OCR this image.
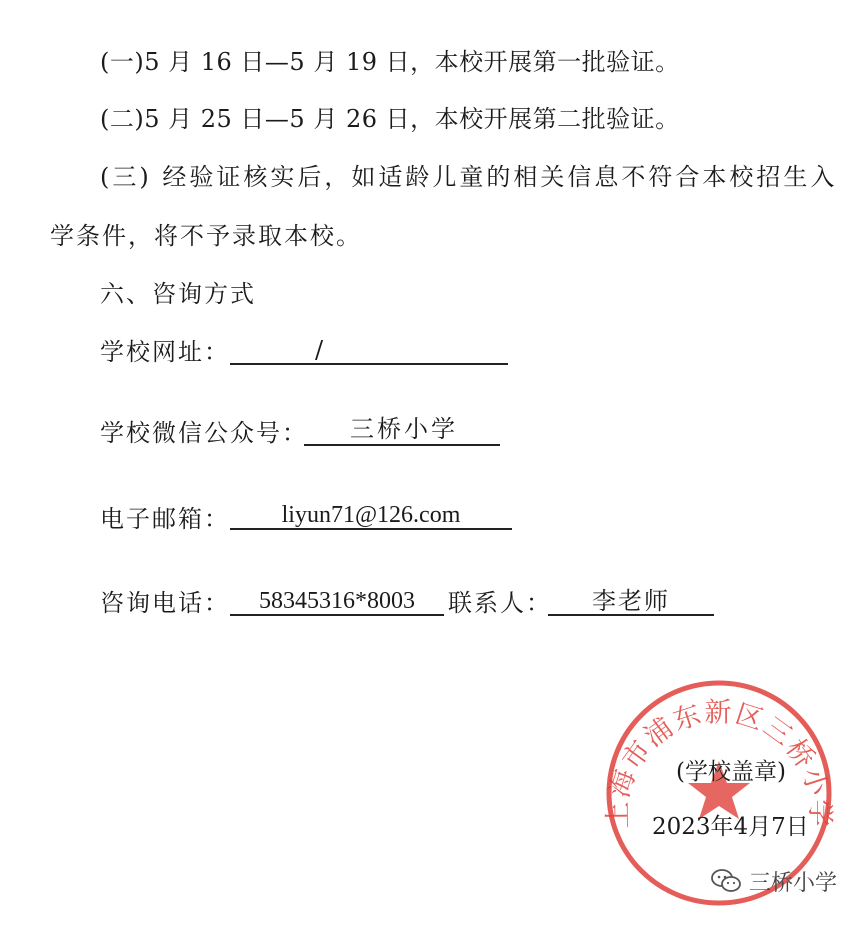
(一)5 月 16 日—5 月 19 日，本校开展第一批验证。
(二)5 月 25 日—5 月 26 日，本校开展第二批验证。
(三) 经验证核实后，如适龄儿童的相关信息不符合本校招生入
学条件，将不予录取本校。
六、咨询方式
学校网址：	/
学校微信公众号：	三桥小学
电子邮箱：	liyun71@126.com
咨询电话：	58345316*8003	联系人：	李老师
上海市浦东新区三桥小学
(学校盖章)
2023年4月7日
三桥小学
